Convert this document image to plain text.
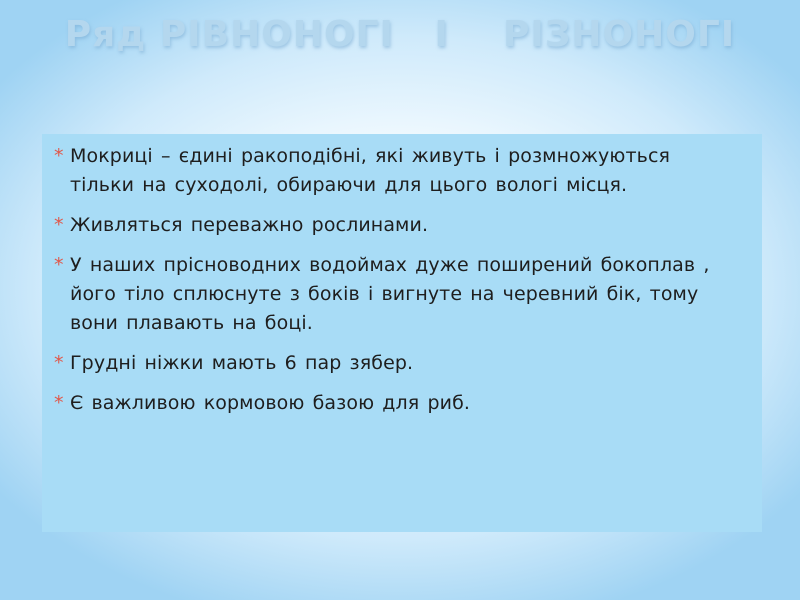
Ряд РІВНОНОГІ   І    РІЗНОНОГІ
* Мокриці – єдині ракоподібні, які живуть і розмножуються тільки на суходолі, обираючи для цього вологі місця.
* Живляться переважно рослинами.
* У наших прісноводних водоймах дуже поширений бокоплав , його тіло сплюснуте з боків і вигнуте на черевний бік, тому вони плавають на боці.
* Грудні ніжки мають 6 пар зябер.
* Є важливою кормовою базою для риб.
